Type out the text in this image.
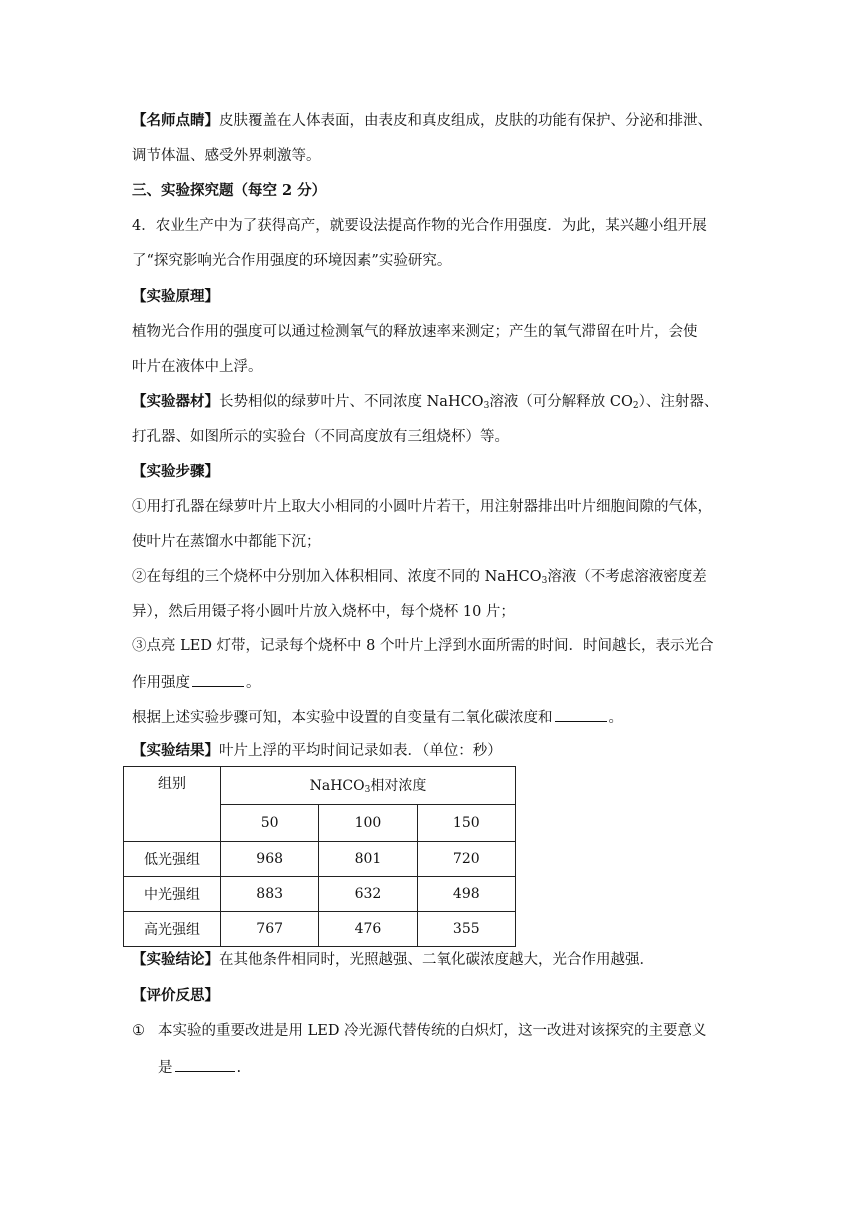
【名师点睛】皮肤覆盖在人体表面，由表皮和真皮组成，皮肤的功能有保护、分泌和排泄、
调节体温、感受外界刺激等。
三、实验探究题（每空 2 分）
4．农业生产中为了获得高产，就要设法提高作物的光合作用强度．为此，某兴趣小组开展
了“探究影响光合作用强度的环境因素”实验研究。
【实验原理】
植物光合作用的强度可以通过检测氧气的释放速率来测定；产生的氧气滞留在叶片，会使
叶片在液体中上浮。
【实验器材】长势相似的绿萝叶片、不同浓度 NaHCO$_3$溶液（可分解释放 $CO_2$）、注射器、
打孔器、如图所示的实验台（不同高度放有三组烧杯）等。
【实验步骤】
①用打孔器在绿萝叶片上取大小相同的小圆叶片若干，用注射器排出叶片细胞间隙的气体，
使叶片在蒸馏水中都能下沉；
②在每组的三个烧杯中分别加入体积相同、浓度不同的 NaHCO$_3$溶液（不考虑溶液密度差
异），然后用镊子将小圆叶片放入烧杯中，每个烧杯 10 片；
③点亮 LED 灯带，记录每个烧杯中 8 个叶片上浮到水面所需的时间．时间越长，表示光合
作用强度	。
根据上述实验步骤可知，本实验中设置的自变量有二氧化碳浓度和	。
【实验结果】叶片上浮的平均时间记录如表．（单位：秒）
组别	NaHCO$_3$相对浓度		
	50	100	150
低光强组	968	801	720
中光强组	883	632	498
高光强组	767	476	355
【实验结论】在其他条件相同时，光照越强、二氧化碳浓度越大，光合作用越强．
【评价反思】
① 本实验的重要改进是用 LED 冷光源代替传统的白炽灯，这一改进对该探究的主要意义
是	.
